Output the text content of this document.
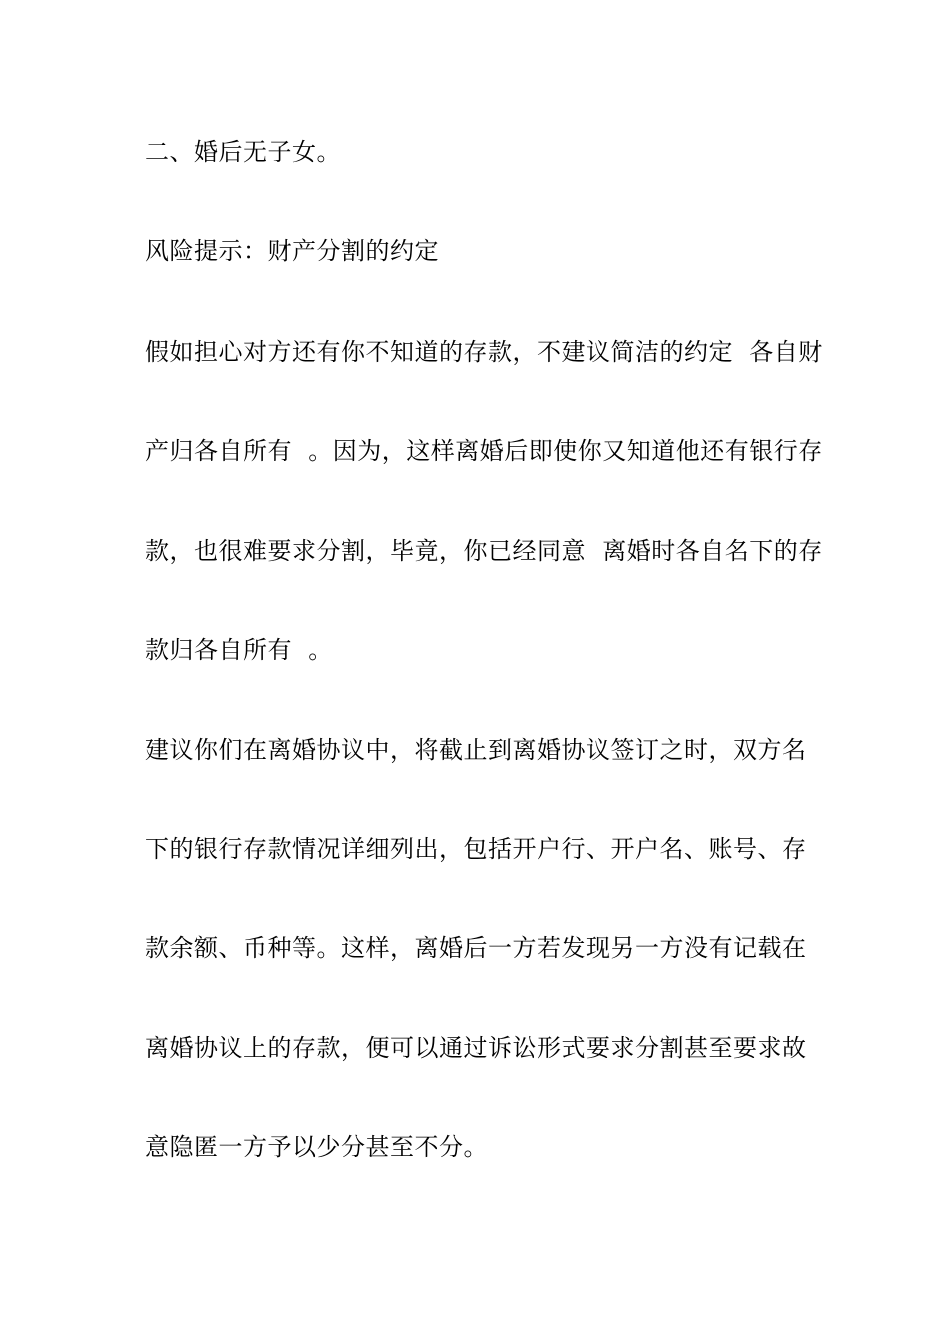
二、婚后无子女。
风险提示：财产分割的约定
假如担心对方还有你不知道的存款，不建议简洁的约定  各自财
产归各自所有  。因为，这样离婚后即使你又知道他还有银行存
款，也很难要求分割，毕竟，你已经同意  离婚时各自名下的存
款归各自所有  。
建议你们在离婚协议中，将截止到离婚协议签订之时，双方名
下的银行存款情况详细列出，包括开户行、开户名、账号、存
款余额、币种等。这样，离婚后一方若发现另一方没有记载在
离婚协议上的存款，便可以通过诉讼形式要求分割甚至要求故
意隐匿一方予以少分甚至不分。
